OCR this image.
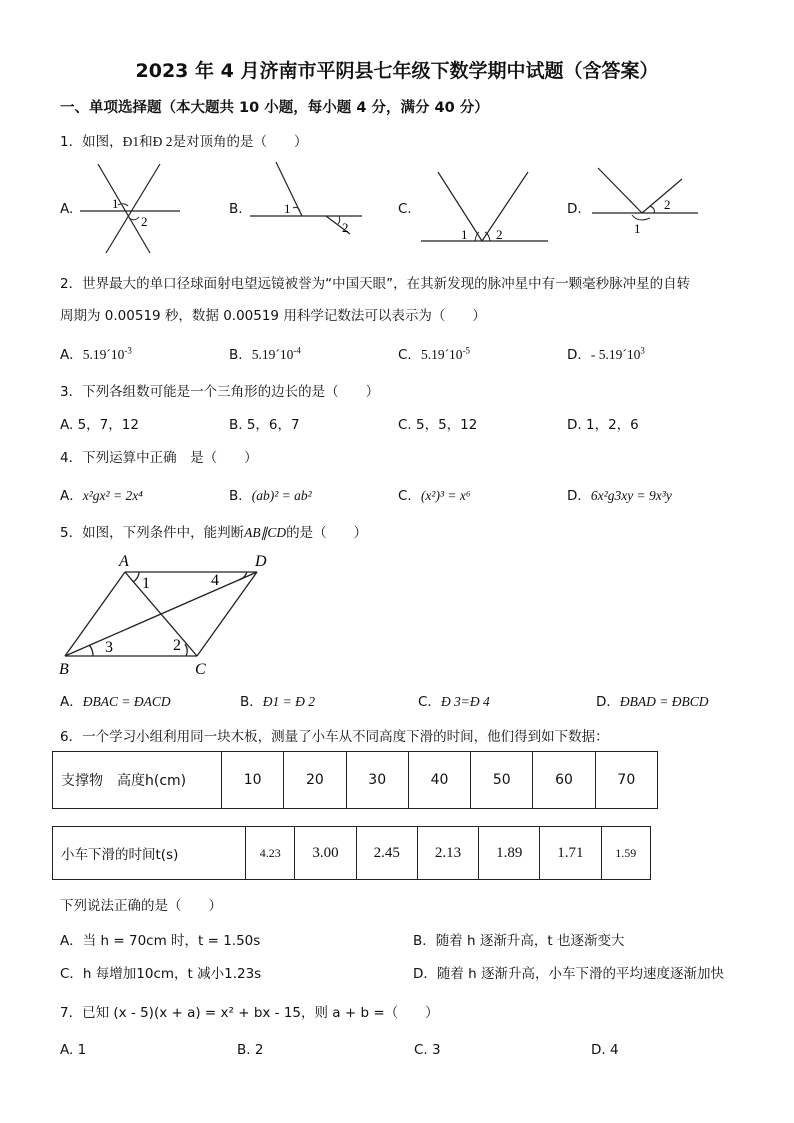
2023 年 4 月济南市平阴县七年级下数学期中试题（含答案）
一、单项选择题（本大题共 10 小题，每小题 4 分，满分 40 分）
1．如图，Ð1和Ð 2是对顶角的是（　　）
A.	1
2
B.	1
2
C.
1 2
D.	2
1
2．世界最大的单口径球面射电望远镜被誉为“中国天眼”，在其新发现的脉冲星中有一颗毫秒脉冲星的自转
周期为 0.00519 秒，数据 0.00519 用科学记数法可以表示为（　　）
A．$5.19´10^{-3}$	B．$5.19´10^{-4}$	C．$5.19´10^{-5}$	D．- $5.19´10^3$
3．下列各组数可能是一个三角形的边长的是（　　）
A. 5，7，12	B. 5，6，7	C. 5，5，12	D. 1，2，6
4．下列运算中正确　是（　　）
A．x²gx² = 2x⁴	B．(ab)² = ab²	C．(x²)³ = x⁶	D．6x²g3xy = 9x³y
5．如图，下列条件中，能判断AB∥CD的是（　　）
A	D
B	C
1	4
3	2
A．ÐBAC = ÐACD	B．Ð1 = Ð 2	C．Ð 3=Ð 4	D．ÐBAD = ÐBCD
6．一个学习小组利用同一块木板，测量了小车从不同高度下滑的时间，他们得到如下数据：
支撑物　高度h(cm)	10	20	30	40	50	60	70
小车下滑的时间t(s)	4.23	3.00	2.45	2.13	1.89	1.71	1.59
下列说法正确的是（　　）
A．当 h = 70cm 时，t = 1.50s	B．随着 h 逐渐升高，t 也逐渐变大
C．h 每增加10cm，t 减小1.23s	D．随着 h 逐渐升高，小车下滑的平均速度逐渐加快
7．已知 (x - 5)(x + a) = x² + bx - 15，则 a + b =（　　）
A. 1	B. 2	C. 3	D. 4
